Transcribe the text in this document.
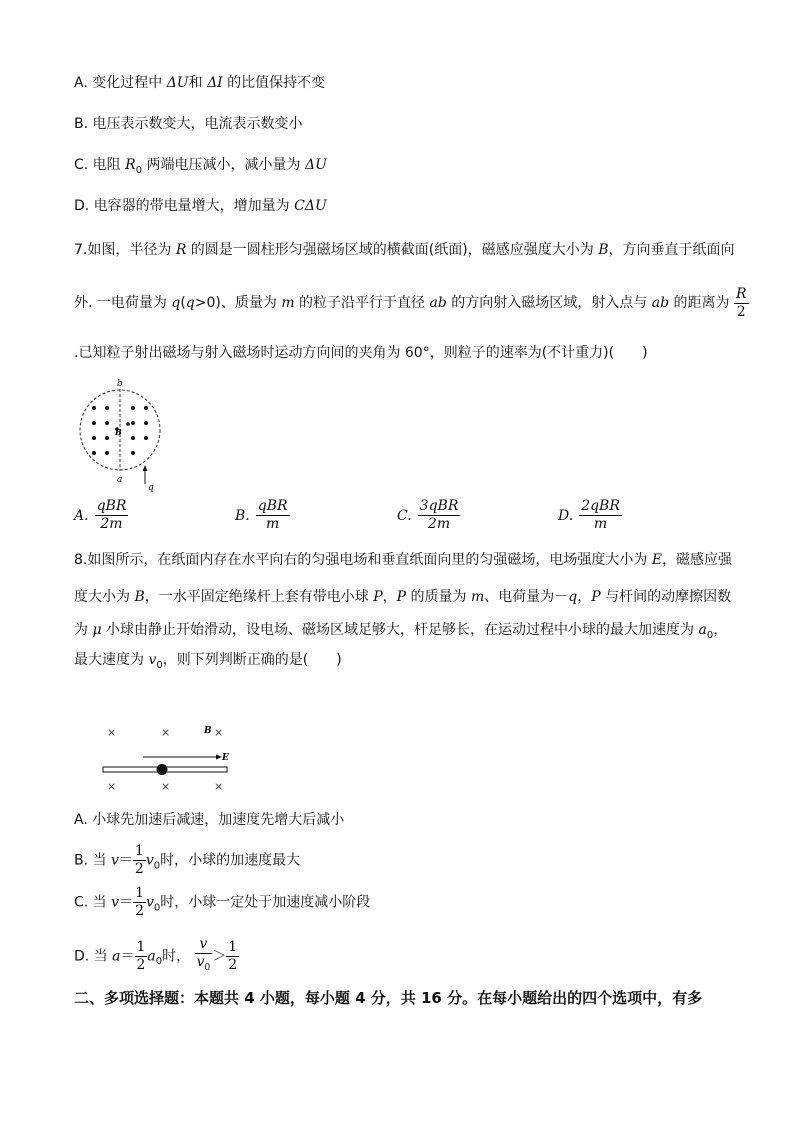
A. 变化过程中 ΔU和 ΔI 的比值保持不变
B. 电压表示数变大，电流表示数变小
C. 电阻 $R_0$ 两端电压减小，减小量为 ΔU
D. 电容器的带电量增大，增加量为 CΔU
7.如图，半径为 R 的圆是一圆柱形匀强磁场区域的横截面(纸面)，磁感应强度大小为 B，方向垂直于纸面向
外. 一电荷量为 q(q>0)、质量为 m 的粒子沿平行于直径 ab 的方向射入磁场区域，射入点与 ab 的距离为 $\frac{R}{2}$
.已知粒子射出磁场与射入磁场时运动方向间的夹角为 60°，则粒子的速率为(不计重力)(　　)
b
a
B
q
A. $\frac{\text{qBR}}{2m}$	B. $\frac{\text{qBR}}{m}$	C. $\frac{\text{3qBR}}{2m}$	D. $\frac{\text{2qBR}}{m}$
8.如图所示，在纸面内存在水平向右的匀强电场和垂直纸面向里的匀强磁场，电场强度大小为 E，磁感应强
度大小为 B，一水平固定绝缘杆上套有带电小球 P，P 的质量为 m、电荷量为－q，P 与杆间的动摩擦因数
为 μ 小球由静止开始滑动，设电场、磁场区域足够大，杆足够长，在运动过程中小球的最大加速度为 $a_0$，
最大速度为 $v_0$，则下列判断正确的是(　　)
×	×	×
×	×	×
B
E
A. 小球先加速后减速，加速度先增大后减小
B. 当 $v= \frac{1}{2} v_0$时，小球的加速度最大
C. 当 $v= \frac{1}{2} v_0$时，小球一定处于加速度减小阶段
D. 当 $a= \frac{1}{2} a_0$时， $\frac{v}{v_0} > \frac{1}{2}$
二、多项选择题：本题共 4 小题，每小题 4 分，共 16 分。在每小题给出的四个选项中，有多
